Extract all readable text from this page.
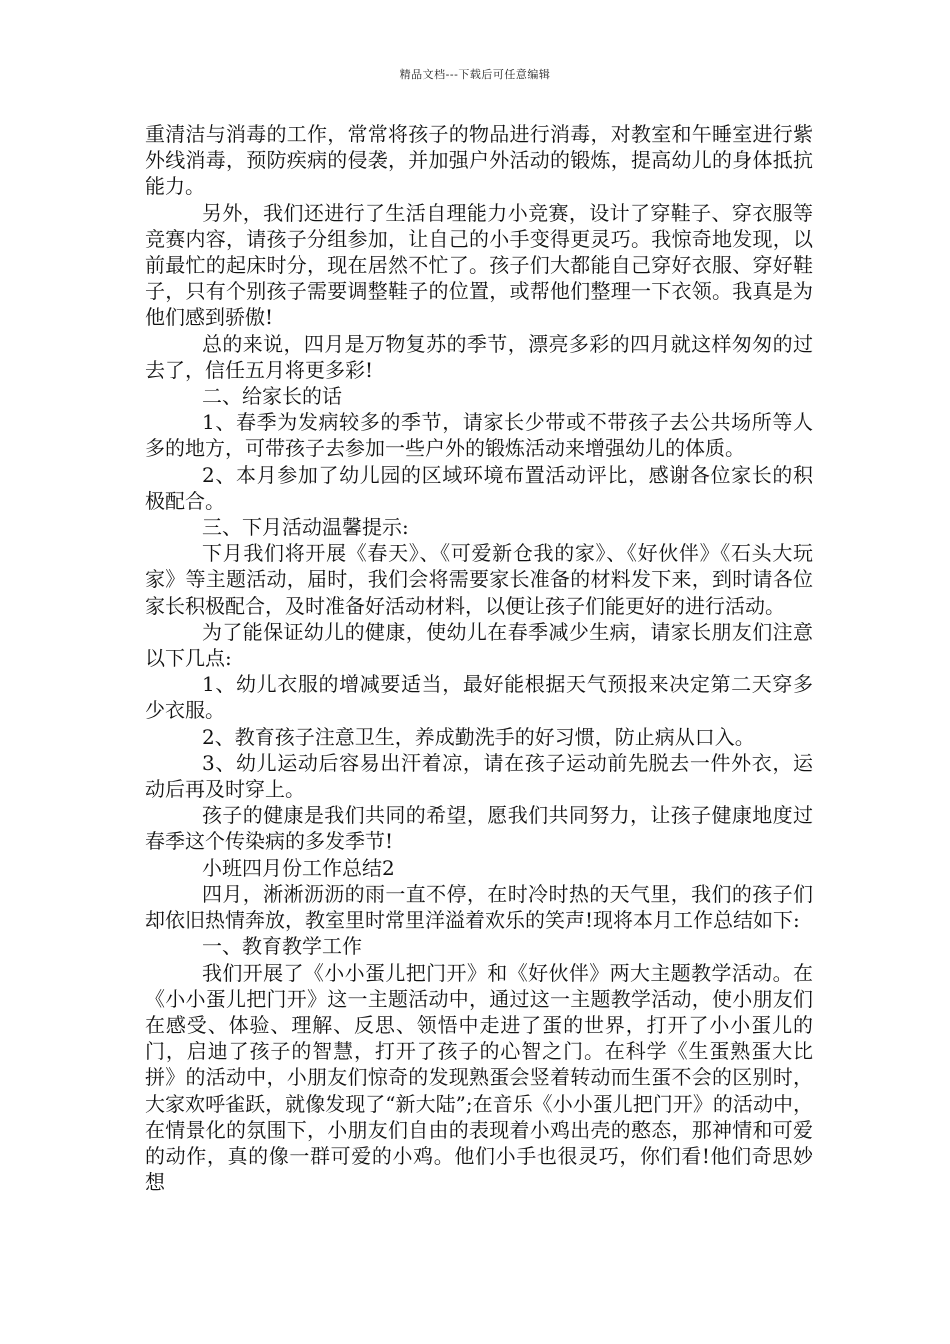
精品文档---下载后可任意编辑

重清洁与消毒的工作，常常将孩子的物品进行消毒，对教室和午睡室进行紫外线消毒，预防疾病的侵袭，并加强户外活动的锻炼，提高幼儿的身体抵抗能力。

另外，我们还进行了生活自理能力小竞赛，设计了穿鞋子、穿衣服等竞赛内容，请孩子分组参加，让自己的小手变得更灵巧。我惊奇地发现，以前最忙的起床时分，现在居然不忙了。孩子们大都能自己穿好衣服、穿好鞋子，只有个别孩子需要调整鞋子的位置，或帮他们整理一下衣领。我真是为他们感到骄傲!

总的来说，四月是万物复苏的季节，漂亮多彩的四月就这样匆匆的过去了，信任五月将更多彩!

二、给家长的话

1、春季为发病较多的季节，请家长少带或不带孩子去公共场所等人多的地方，可带孩子去参加一些户外的锻炼活动来增强幼儿的体质。

2、本月参加了幼儿园的区域环境布置活动评比，感谢各位家长的积极配合。

三、下月活动温馨提示:

下月我们将开展《春天》、《可爱新仓我的家》、《好伙伴》《石头大玩家》等主题活动，届时，我们会将需要家长准备的材料发下来，到时请各位家长积极配合，及时准备好活动材料，以便让孩子们能更好的进行活动。

为了能保证幼儿的健康，使幼儿在春季减少生病，请家长朋友们注意以下几点:

1、幼儿衣服的增减要适当，最好能根据天气预报来决定第二天穿多少衣服。

2、教育孩子注意卫生，养成勤洗手的好习惯，防止病从口入。

3、幼儿运动后容易出汗着凉，请在孩子运动前先脱去一件外衣，运动后再及时穿上。

孩子的健康是我们共同的希望，愿我们共同努力，让孩子健康地度过春季这个传染病的多发季节!

小班四月份工作总结2

四月，淅淅沥沥的雨一直不停，在时冷时热的天气里，我们的孩子们却依旧热情奔放，教室里时常里洋溢着欢乐的笑声!现将本月工作总结如下:

一、教育教学工作

我们开展了《小小蛋儿把门开》和《好伙伴》两大主题教学活动。在《小小蛋儿把门开》这一主题活动中，通过这一主题教学活动，使小朋友们在感受、体验、理解、反思、领悟中走进了蛋的世界，打开了小小蛋儿的门，启迪了孩子的智慧，打开了孩子的心智之门。在科学《生蛋熟蛋大比拼》的活动中，小朋友们惊奇的发现熟蛋会竖着转动而生蛋不会的区别时，大家欢呼雀跃，就像发现了“新大陆”;在音乐《小小蛋儿把门开》的活动中，在情景化的氛围下，小朋友们自由的表现着小鸡出壳的憨态，那神情和可爱的动作，真的像一群可爱的小鸡。他们小手也很灵巧，你们看!他们奇思妙想
